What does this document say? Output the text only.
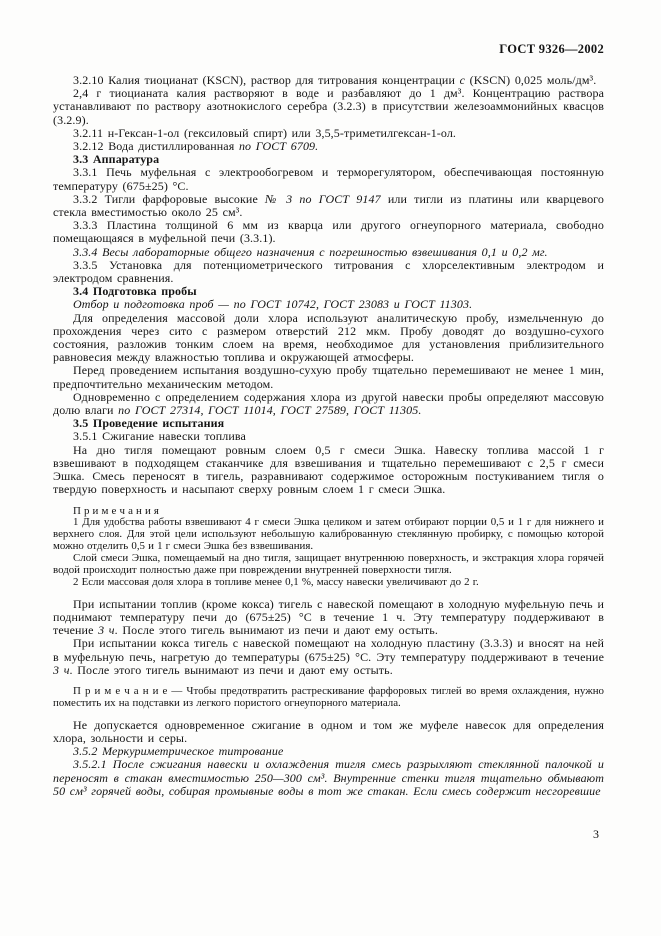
ГОСТ 9326—2002

3.2.10 Калия тиоцианат (KSCN), раствор для титрования концентрации с (KSCN) 0,025 моль/дм³.

2,4 г тиоцианата калия растворяют в воде и разбавляют до 1 дм³. Концентрацию раствора устанавливают по раствору азотнокислого серебра (3.2.3) в присутствии железоаммонийных квасцов (3.2.9).

3.2.11 н-Гексан-1-ол (гексиловый спирт) или 3,5,5-триметилгексан-1-ол.

3.2.12 Вода дистиллированная по ГОСТ 6709.

3.3 Аппаратура

3.3.1 Печь муфельная с электрообогревом и терморегулятором, обеспечивающая постоянную температуру (675±25) °С.

3.3.2 Тигли фарфоровые высокие № 3 по ГОСТ 9147 или тигли из платины или кварцевого стекла вместимостью около 25 см³.

3.3.3 Пластина толщиной 6 мм из кварца или другого огнеупорного материала, свободно помещающаяся в муфельной печи (3.3.1).

3.3.4 Весы лабораторные общего назначения с погрешностью взвешивания 0,1 и 0,2 мг.

3.3.5 Установка для потенциометрического титрования с хлорселективным электродом и электродом сравнения.

3.4 Подготовка пробы

Отбор и подготовка проб — по ГОСТ 10742, ГОСТ 23083 и ГОСТ 11303.

Для определения массовой доли хлора используют аналитическую пробу, измельченную до прохождения через сито с размером отверстий 212 мкм. Пробу доводят до воздушно-сухого состояния, разложив тонким слоем на время, необходимое для установления приблизительного равновесия между влажностью топлива и окружающей атмосферы.

Перед проведением испытания воздушно-сухую пробу тщательно перемешивают не менее 1 мин, предпочтительно механическим методом.

Одновременно с определением содержания хлора из другой навески пробы определяют массовую долю влаги по ГОСТ 27314, ГОСТ 11014, ГОСТ 27589, ГОСТ 11305.

3.5 Проведение испытания

3.5.1 Сжигание навески топлива

На дно тигля помещают ровным слоем 0,5 г смеси Эшка. Навеску топлива массой 1 г взвешивают в подходящем стаканчике для взвешивания и тщательно перемешивают с 2,5 г смеси Эшка. Смесь переносят в тигель, разравнивают содержимое осторожным постукиванием тигля о твердую поверхность и насыпают сверху ровным слоем 1 г смеси Эшка.

П р и м е ч а н и я

1 Для удобства работы взвешивают 4 г смеси Эшка целиком и затем отбирают порции 0,5 и 1 г для нижнего и верхнего слоя. Для этой цели используют небольшую калиброванную стеклянную пробирку, с помощью которой можно отделить 0,5 и 1 г смеси Эшка без взвешивания.

Слой смеси Эшка, помещаемый на дно тигля, защищает внутреннюю поверхность, и экстракция хлора горячей водой происходит полностью даже при повреждении внутренней поверхности тигля.

2 Если массовая доля хлора в топливе менее 0,1 %, массу навески увеличивают до 2 г.

При испытании топлив (кроме кокса) тигель с навеской помещают в холодную муфельную печь и поднимают температуру печи до (675±25) °С в течение 1 ч. Эту температуру поддерживают в течение 3 ч. После этого тигель вынимают из печи и дают ему остыть.

При испытании кокса тигель с навеской помещают на холодную пластину (3.3.3) и вносят на ней в муфельную печь, нагретую до температуры (675±25) °С. Эту температуру поддерживают в течение 3 ч. После этого тигель вынимают из печи и дают ему остыть.

П р и м е ч а н и е — Чтобы предотвратить растрескивание фарфоровых тиглей во время охлаждения, нужно поместить их на подставки из легкого пористого огнеупорного материала.

Не допускается одновременное сжигание в одном и том же муфеле навесок для определения хлора, зольности и серы.

3.5.2 Меркуриметрическое титрование

3.5.2.1 После сжигания навески и охлаждения тигля смесь разрыхляют стеклянной палочкой и переносят в стакан вместимостью 250—300 см³. Внутренние стенки тигля тщательно обмывают 50 см³ горячей воды, собирая промывные воды в тот же стакан. Если смесь содержит несгоревшие

3
